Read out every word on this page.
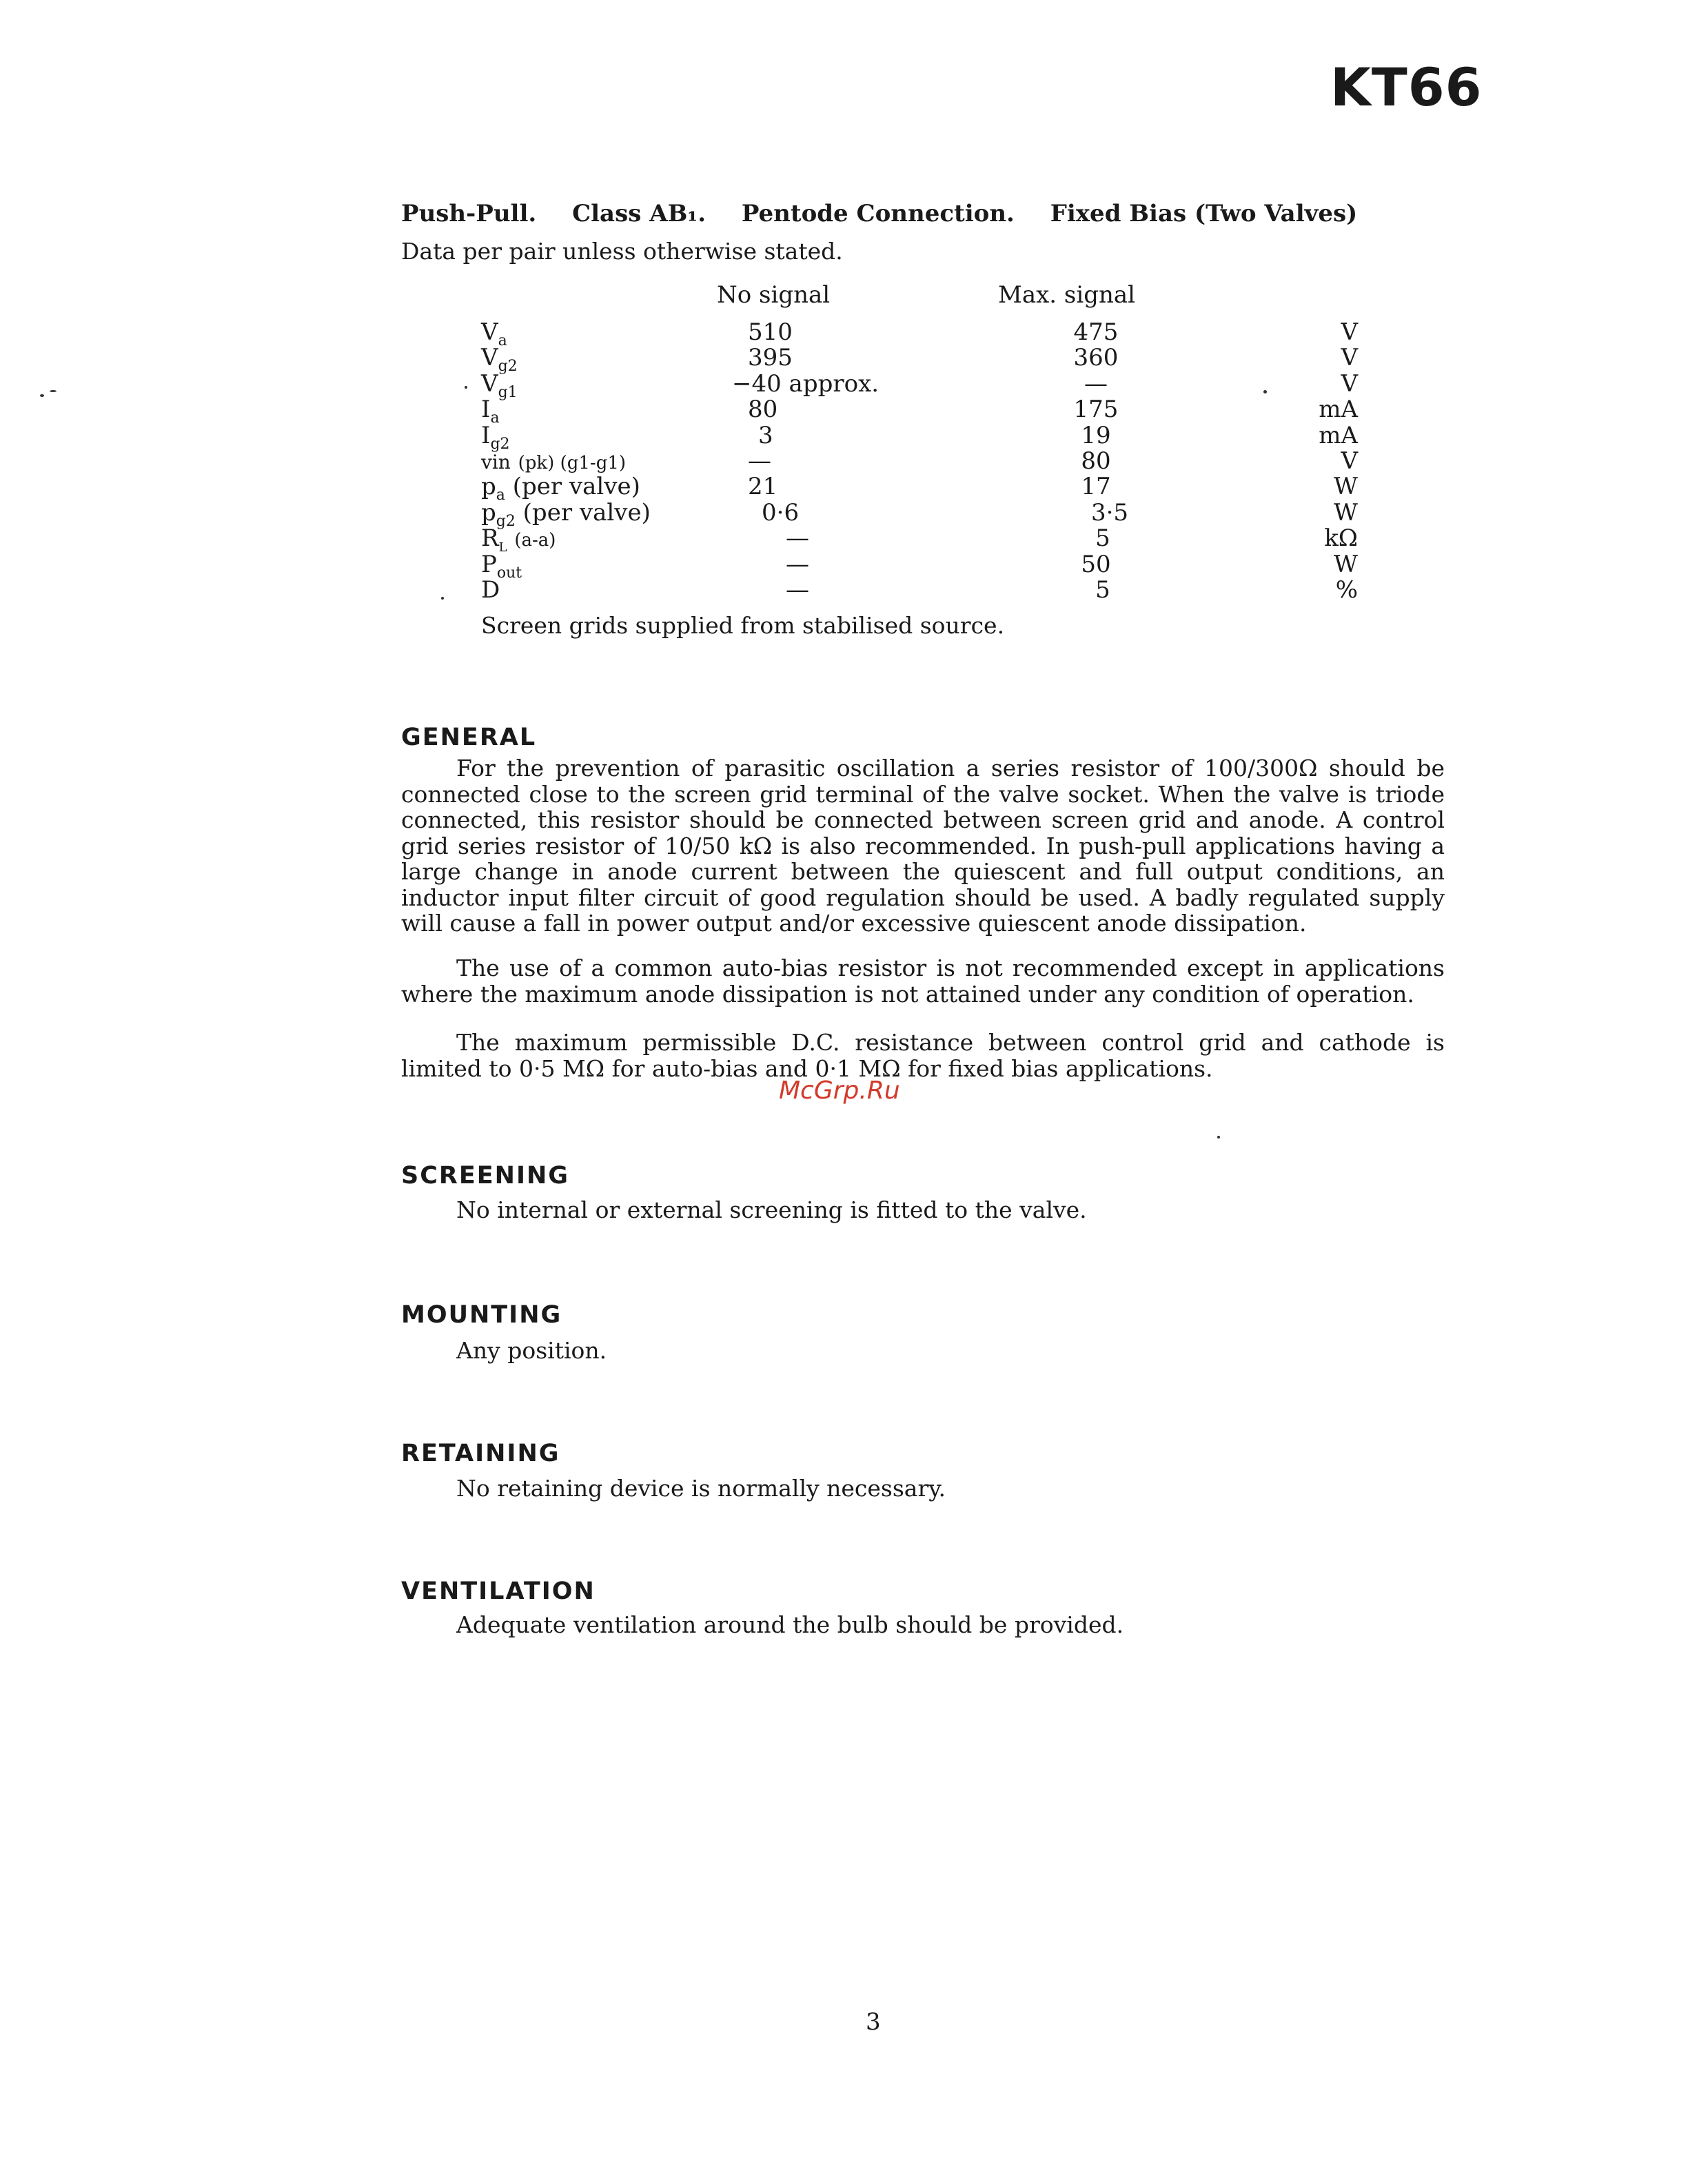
KT66
Push-Pull. Class AB₁. Pentode Connection. Fixed Bias (Two Valves)
Data per pair unless otherwise stated.
No signal	Max. signal
$V_a$	510	475	V
$V_{g2}$	395	360	V
$V_{g1}$	−40 approx.	—	V
$I_a$	80	175	mA
$I_{g2}$	3	19	mA
vin (pk) (g1-g1)	—	80	V
$p_a$ (per valve)	21	17	W
$p_{g2}$ (per valve)	0·6	3·5	W
$R_L$ (a-a)	—	5	kΩ
$P_{out}$	—	50	W
D	—	5	%
Screen grids supplied from stabilised source.
GENERAL
For the prevention of parasitic oscillation a series resistor of 100/300Ω should be connected close to the screen grid terminal of the valve socket. When the valve is triode connected, this resistor should be connected between screen grid and anode. A control grid series resistor of 10/50 kΩ is also recommended. In push-pull applications having a large change in anode current between the quiescent and full output conditions, an inductor input filter circuit of good regulation should be used. A badly regulated supply will cause a fall in power output and/or excessive quiescent anode dissipation.
The use of a common auto-bias resistor is not recommended except in applications where the maximum anode dissipation is not attained under any condition of operation.
The maximum permissible D.C. resistance between control grid and cathode is limited to 0·5 MΩ for auto-bias and 0·1 MΩ for fixed bias applications.
McGrp.Ru
SCREENING
No internal or external screening is fitted to the valve.
MOUNTING
Any position.
RETAINING
No retaining device is normally necessary.
VENTILATION
Adequate ventilation around the bulb should be provided.
3
